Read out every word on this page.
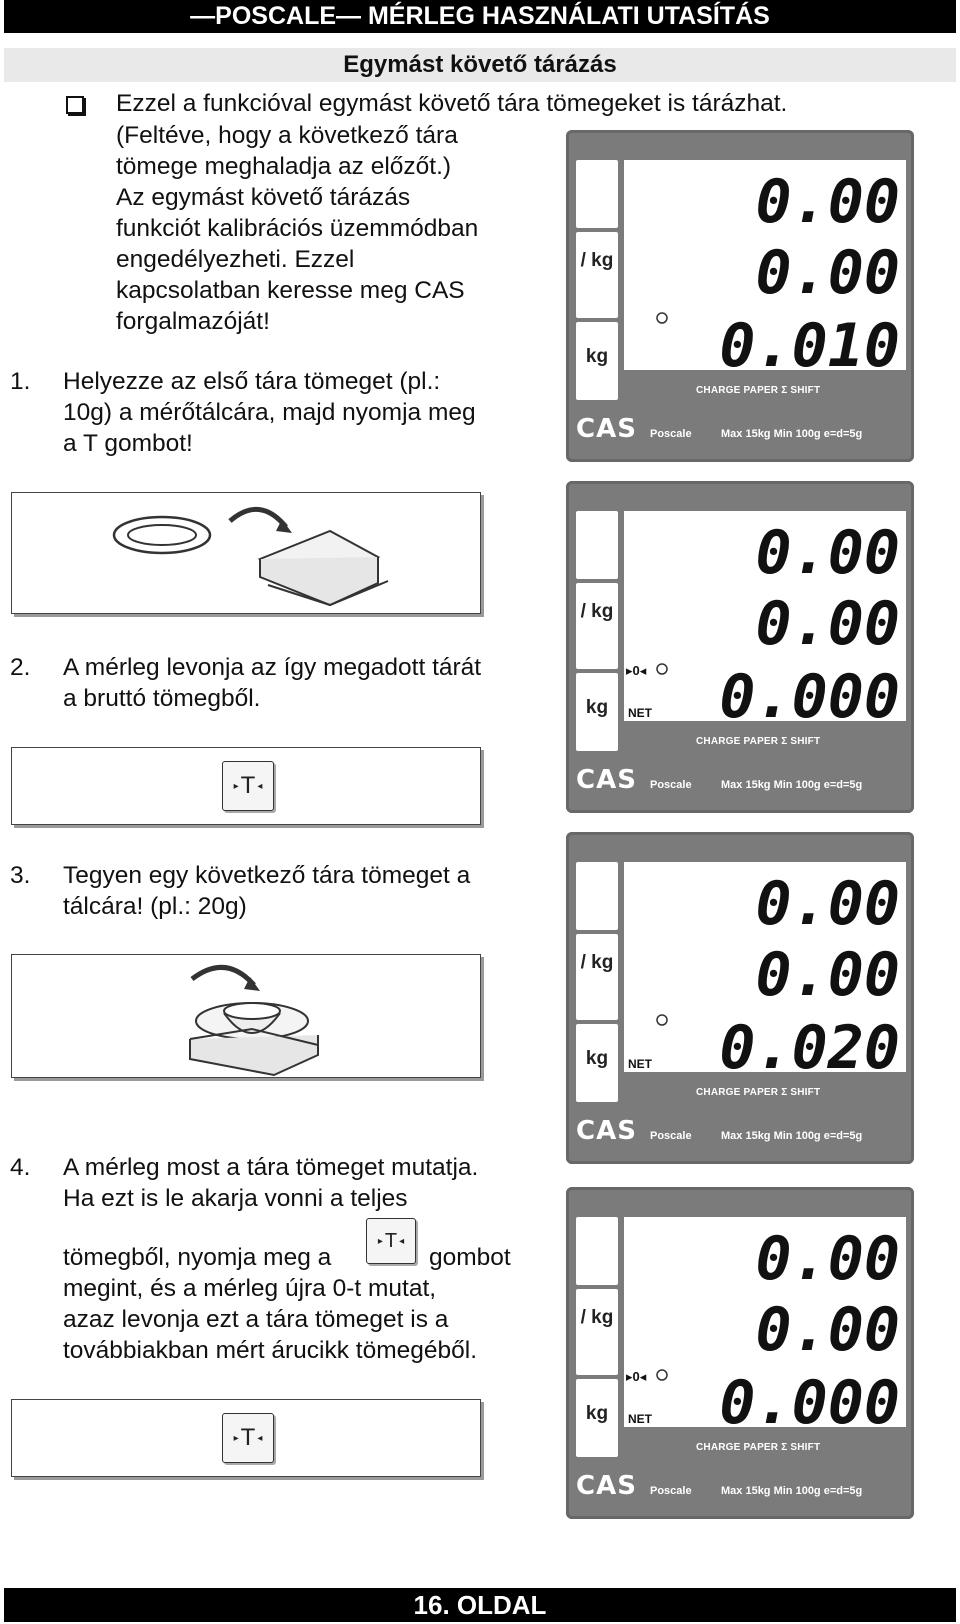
—POSCALE— MÉRLEG HASZNÁLATI UTASÍTÁS
Egymást követő tárázás
Ezzel a funkcióval egymást követő tára tömegeket is tárázhat.
(Feltéve, hogy a következő tára
tömege meghaladja az előzőt.)
Az egymást követő tárázás
funkciót kalibrációs üzemmódban
engedélyezheti. Ezzel
kapcsolatban keresse meg CAS
forgalmazóját!
1. Helyezze az első tára tömeget (pl.:
10g) a mérőtálcára, majd nyomja meg
a T gombot!
2. A mérleg levonja az így megadott tárát
a bruttó tömegből.
▸ T ◂
3. Tegyen egy következő tára tömeget a
tálcára! (pl.: 20g)
4. A mérleg most a tára tömeget mutatja.
Ha ezt is le akarja vonni a teljes
tömegből, nyomja meg a
▸ T ◂
gombot
megint, és a mérleg újra 0-t mutat,
azaz levonja ezt a tára tömeget is a
továbbiakban mért árucikk tömegéből.
▸ T ◂
/ kg
kg
0.00
0.00
0.010
CHARGE PAPER Σ SHIFT
CAS Poscale	Max 15kg Min 100g e=d=5g
/ kg
kg
0.00
0.00
0.000
▸0◂
NET
CHARGE PAPER Σ SHIFT
CAS Poscale	Max 15kg Min 100g e=d=5g
/ kg
kg
0.00
0.00
0.020
NET
CHARGE PAPER Σ SHIFT
CAS Poscale	Max 15kg Min 100g e=d=5g
/ kg
kg
0.00
0.00
0.000
▸0◂
NET
CHARGE PAPER Σ SHIFT
CAS Poscale	Max 15kg Min 100g e=d=5g
16. OLDAL
